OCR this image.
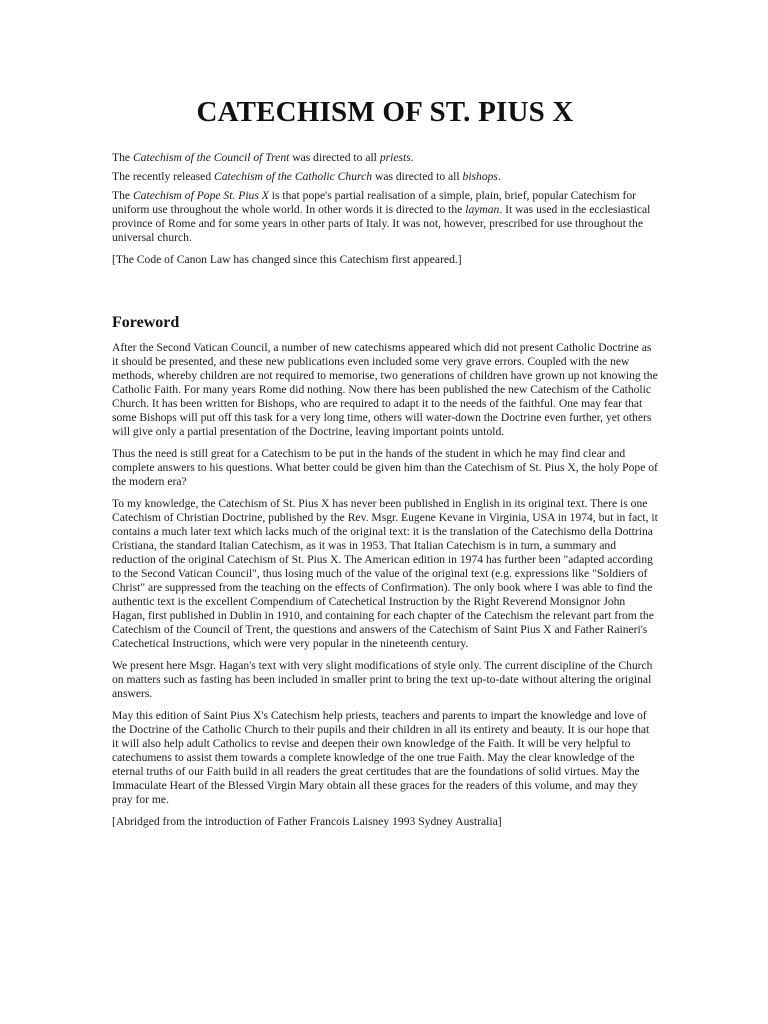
CATECHISM OF ST. PIUS X

The Catechism of the Council of Trent was directed to all priests.

The recently released Catechism of the Catholic Church was directed to all bishops.

The Catechism of Pope St. Pius X is that pope's partial realisation of a simple, plain, brief, popular Catechism for uniform use throughout the whole world. In other words it is directed to the layman. It was used in the ecclesiastical province of Rome and for some years in other parts of Italy. It was not, however, prescribed for use throughout the universal church.

[The Code of Canon Law has changed since this Catechism first appeared.]

Foreword

After the Second Vatican Council, a number of new catechisms appeared which did not present Catholic Doctrine as it should be presented, and these new publications even included some very grave errors. Coupled with the new methods, whereby children are not required to memorise, two generations of children have grown up not knowing the Catholic Faith. For many years Rome did nothing. Now there has been published the new Catechism of the Catholic Church. It has been written for Bishops, who are required to adapt it to the needs of the faithful. One may fear that some Bishops will put off this task for a very long time, others will water-down the Doctrine even further, yet others will give only a partial presentation of the Doctrine, leaving important points untold.

Thus the need is still great for a Catechism to be put in the hands of the student in which he may find clear and complete answers to his questions. What better could be given him than the Catechism of St. Pius X, the holy Pope of the modern era?

To my knowledge, the Catechism of St. Pius X has never been published in English in its original text. There is one Catechism of Christian Doctrine, published by the Rev. Msgr. Eugene Kevane in Virginia, USA in 1974, but in fact, it contains a much later text which lacks much of the original text: it is the translation of the Catechismo della Dottrina Cristiana, the standard Italian Catechism, as it was in 1953. That Italian Catechism is in turn, a summary and reduction of the original Catechism of St. Pius X. The American edition in 1974 has further been "adapted according to the Second Vatican Council", thus losing much of the value of the original text (e.g. expressions like "Soldiers of Christ" are suppressed from the teaching on the effects of Confirmation). The only book where I was able to find the authentic text is the excellent Compendium of Catechetical Instruction by the Right Reverend Monsignor John Hagan, first published in Dublin in 1910, and containing for each chapter of the Catechism the relevant part from the Catechism of the Council of Trent, the questions and answers of the Catechism of Saint Pius X and Father Raineri's Catechetical Instructions, which were very popular in the nineteenth century.

We present here Msgr. Hagan's text with very slight modifications of style only. The current discipline of the Church on matters such as fasting has been included in smaller print to bring the text up-to-date without altering the original answers.

May this edition of Saint Pius X's Catechism help priests, teachers and parents to impart the knowledge and love of the Doctrine of the Catholic Church to their pupils and their children in all its entirety and beauty. It is our hope that it will also help adult Catholics to revise and deepen their own knowledge of the Faith. It will be very helpful to catechumens to assist them towards a complete knowledge of the one true Faith. May the clear knowledge of the eternal truths of our Faith build in all readers the great certitudes that are the foundations of solid virtues. May the Immaculate Heart of the Blessed Virgin Mary obtain all these graces for the readers of this volume, and may they pray for me.

[Abridged from the introduction of Father Francois Laisney 1993 Sydney Australia]
